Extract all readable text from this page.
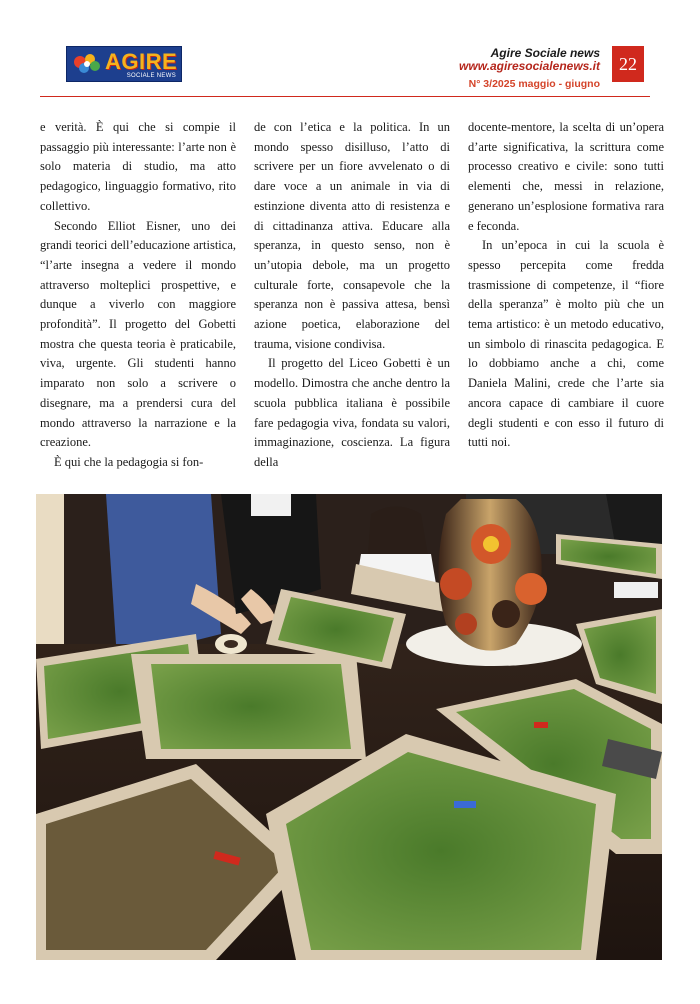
AGIRE
SOCIALE NEWS
Agire Sociale news
www.agiresocialenews.it
N° 3/2025 maggio - giugno
22

e verità. È qui che si compie il passaggio più interessante: l’arte non è solo materia di studio, ma atto pedagogico, linguaggio formativo, rito collettivo.

Secondo Elliot Eisner, uno dei grandi teorici dell’educazione artistica, “l’arte insegna a vedere il mondo attraverso molteplici prospettive, e dunque a viverlo con maggiore profondità”. Il progetto del Gobetti mostra che questa teoria è praticabile, viva, urgente. Gli studenti hanno imparato non solo a scrivere o disegnare, ma a prendersi cura del mondo attraverso la narrazione e la creazione.

È qui che la pedagogia si fon-

de con l’etica e la politica. In un mondo spesso disilluso, l’atto di scrivere per un fiore avvelenato o di dare voce a un animale in via di estinzione diventa atto di resistenza e di cittadinanza attiva. Educare alla speranza, in questo senso, non è un’utopia debole, ma un progetto culturale forte, consapevole che la speranza non è passiva attesa, bensì azione poetica, elaborazione del trauma, visione condivisa.

Il progetto del Liceo Gobetti è un modello. Dimostra che anche dentro la scuola pubblica italiana è possibile fare pedagogia viva, fondata su valori, immaginazione, coscienza. La figura della

docente-mentore, la scelta di un’opera d’arte significativa, la scrittura come processo creativo e civile: sono tutti elementi che, messi in relazione, generano un’esplosione formativa rara e feconda.

In un’epoca in cui la scuola è spesso percepita come fredda trasmissione di competenze, il “fiore della speranza” è molto più che un tema artistico: è un metodo educativo, un simbolo di rinascita pedagogica. E lo dobbiamo anche a chi, come Daniela Malini, crede che l’arte sia ancora capace di cambiare il cuore degli studenti e con esso il futuro di tutti noi.
